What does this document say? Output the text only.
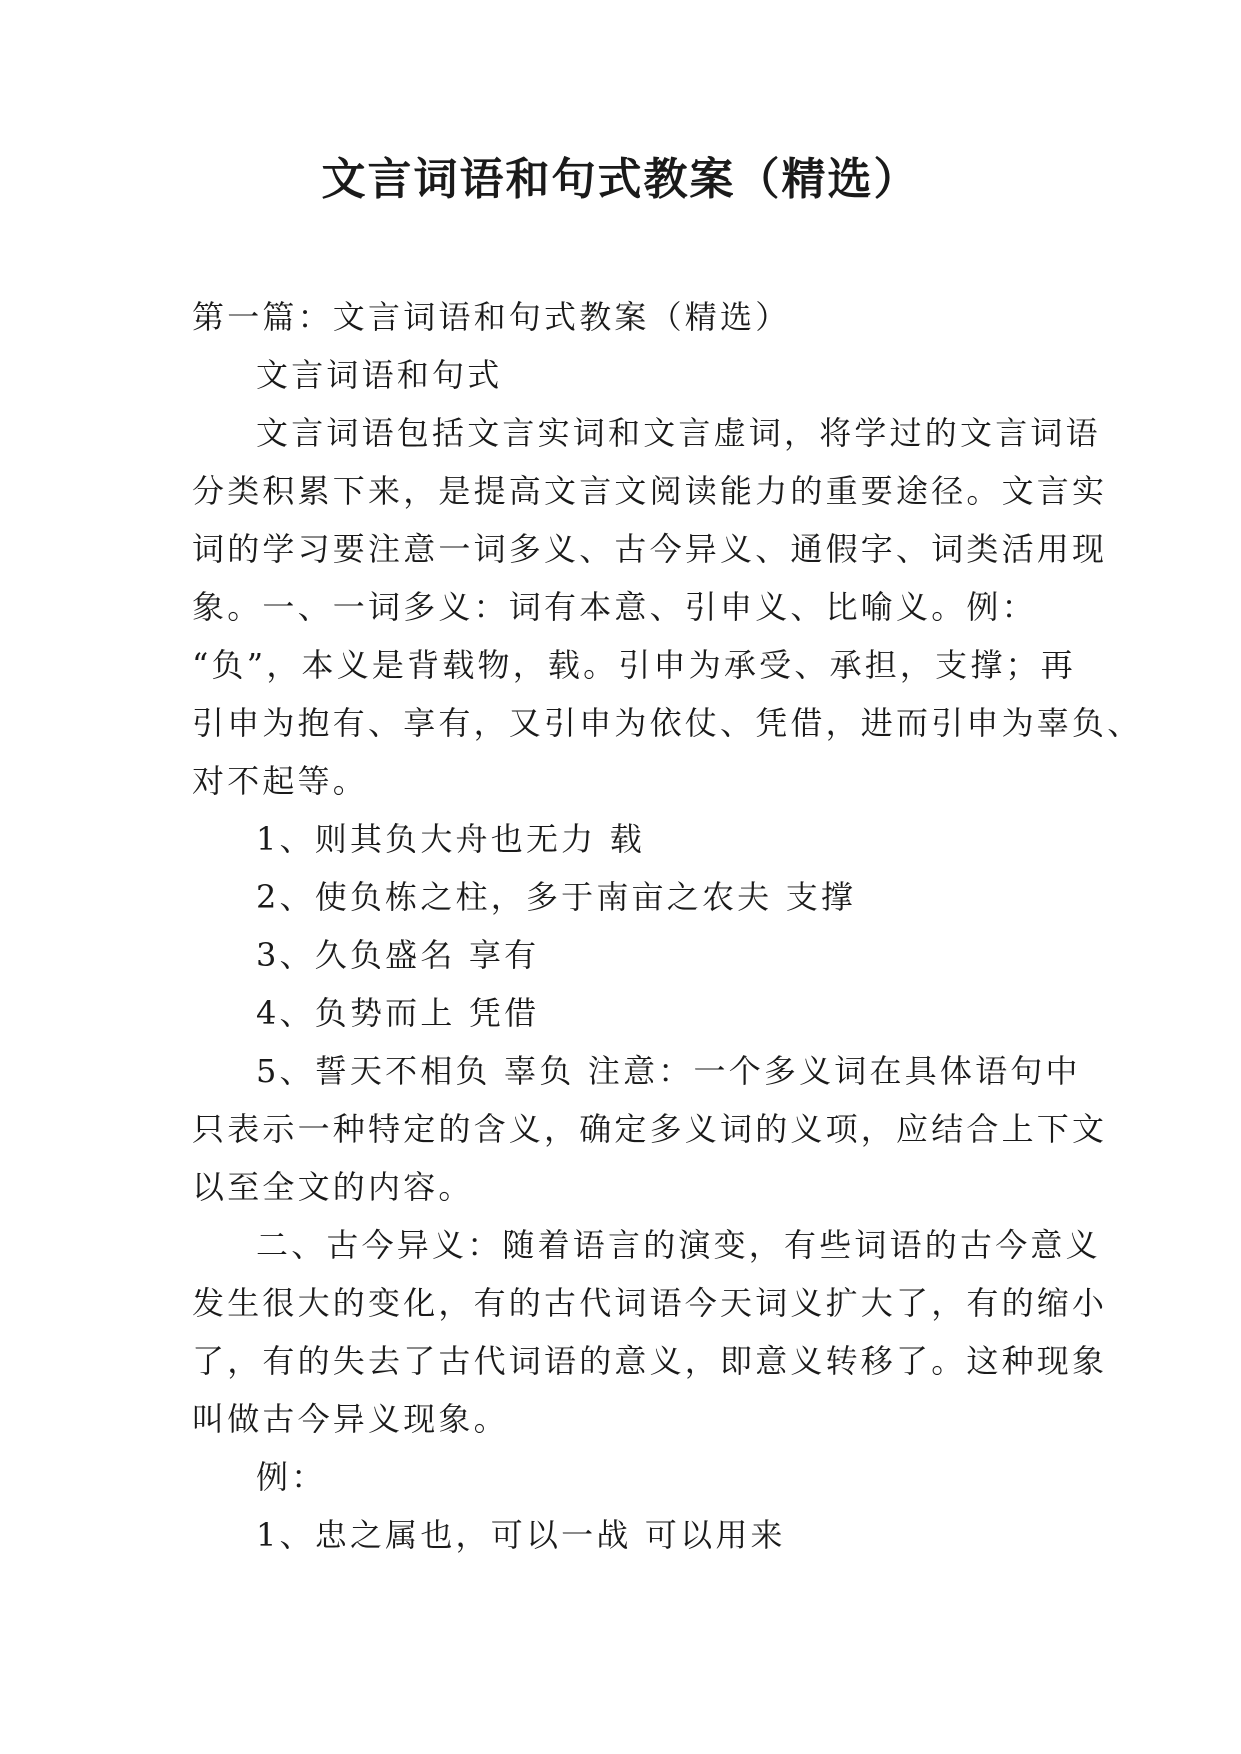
文言词语和句式教案（精选）

第一篇：文言词语和句式教案（精选）

文言词语和句式

文言词语包括文言实词和文言虚词，将学过的文言词语
分类积累下来，是提高文言文阅读能力的重要途径。文言实
词的学习要注意一词多义、古今异义、通假字、词类活用现
象。一、一词多义：词有本意、引申义、比喻义。例：
“负”，本义是背载物，载。引申为承受、承担，支撑；再
引申为抱有、享有，又引申为依仗、凭借，进而引申为辜负、
对不起等。

1、则其负大舟也无力 载

2、使负栋之柱，多于南亩之农夫 支撑

3、久负盛名 享有

4、负势而上 凭借

5、誓天不相负 辜负 注意：一个多义词在具体语句中
只表示一种特定的含义，确定多义词的义项，应结合上下文
以至全文的内容。

二、古今异义：随着语言的演变，有些词语的古今意义
发生很大的变化，有的古代词语今天词义扩大了，有的缩小
了，有的失去了古代词语的意义，即意义转移了。这种现象
叫做古今异义现象。

例：

1、忠之属也，可以一战 可以用来
